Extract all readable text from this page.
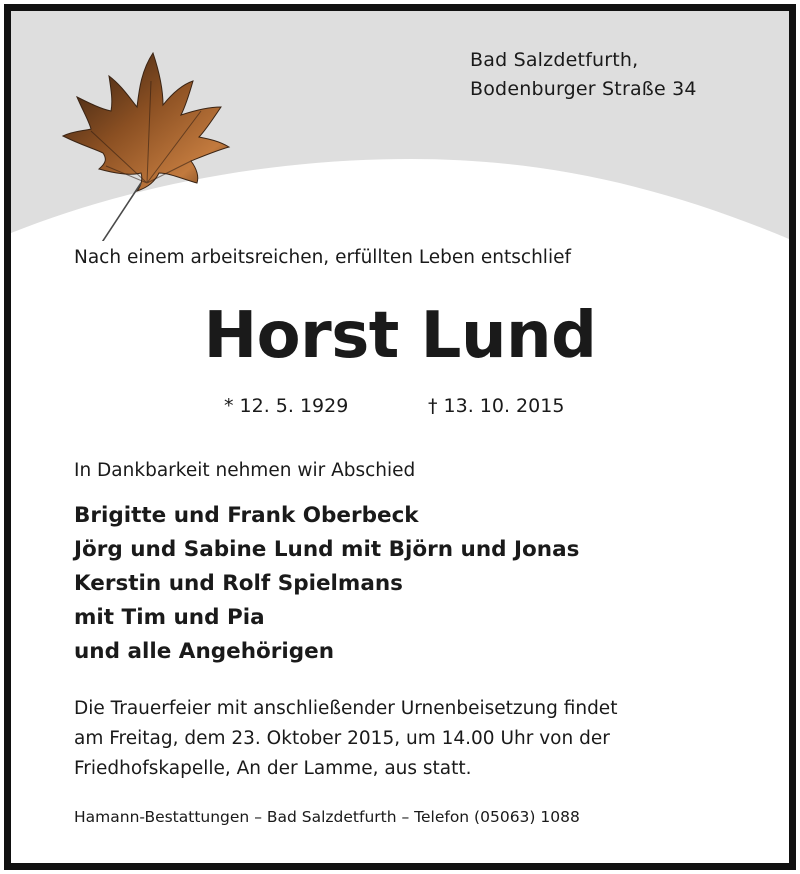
Bad Salzdetfurth,
Bodenburger Straße 34
Nach einem arbeitsreichen, erfüllten Leben entschlief
Horst Lund
* 12. 5. 1929	† 13. 10. 2015
In Dankbarkeit nehmen wir Abschied
Brigitte und Frank Oberbeck
Jörg und Sabine Lund mit Björn und Jonas
Kerstin und Rolf Spielmans
mit Tim und Pia
und alle Angehörigen
Die Trauerfeier mit anschließender Urnenbeisetzung findet
am Freitag, dem 23. Oktober 2015, um 14.00 Uhr von der
Friedhofskapelle, An der Lamme, aus statt.
Hamann-Bestattungen – Bad Salzdetfurth – Telefon (05063) 1088
